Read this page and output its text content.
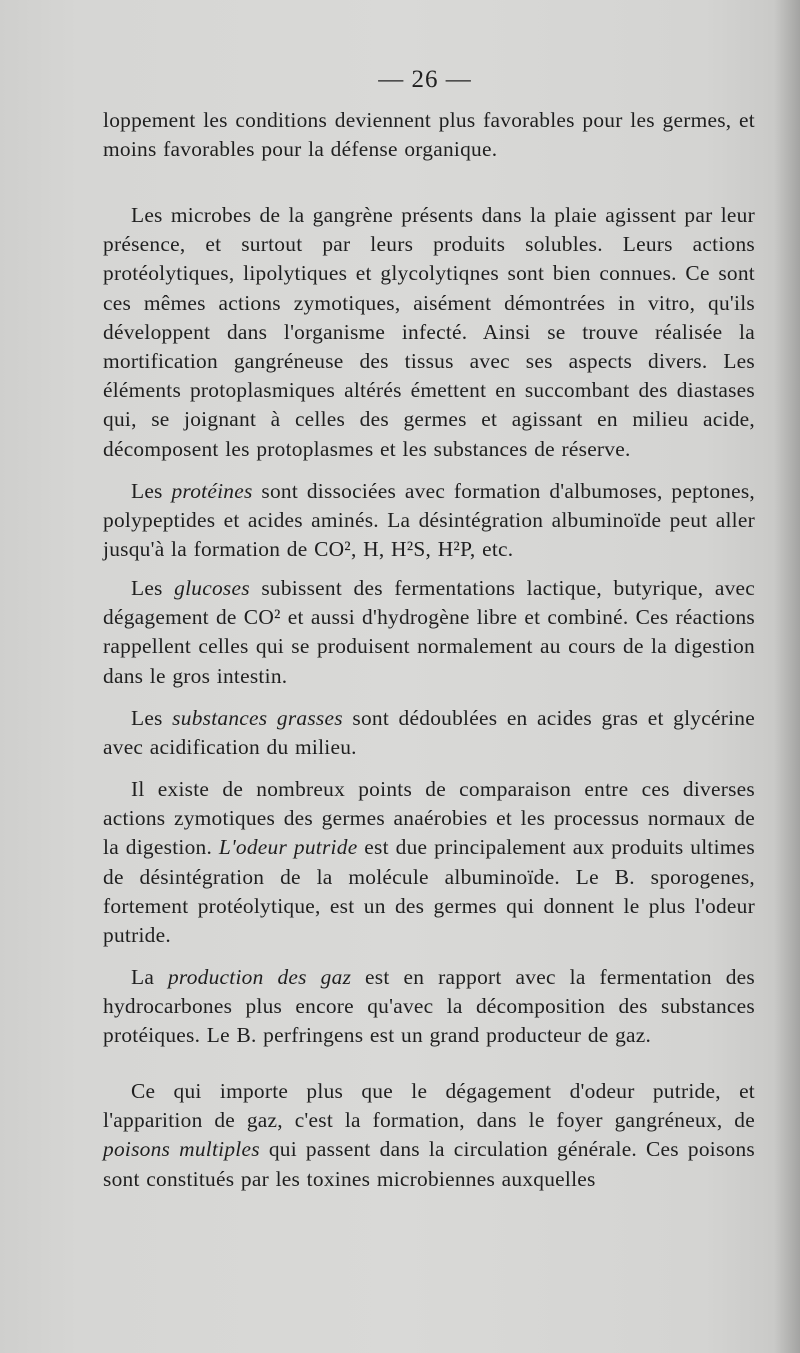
— 26 —

loppement les conditions deviennent plus favorables pour les germes, et moins favorables pour la défense organique.

Les microbes de la gangrène présents dans la plaie agissent par leur présence, et surtout par leurs produits solubles. Leurs actions protéolytiques, lipolytiques et glycolytiqnes sont bien connues. Ce sont ces mêmes actions zymotiques, aisément démontrées in vitro, qu'ils développent dans l'organisme infecté. Ainsi se trouve réalisée la mortification gangréneuse des tissus avec ses aspects divers. Les éléments protoplasmiques altérés émettent en succombant des diastases qui, se joignant à celles des germes et agissant en milieu acide, décomposent les protoplasmes et les substances de réserve.

Les protéines sont dissociées avec formation d'albumoses, peptones, polypeptides et acides aminés. La désintégration albuminoïde peut aller jusqu'à la formation de CO², H, H²S, H²P, etc.

Les glucoses subissent des fermentations lactique, butyrique, avec dégagement de CO² et aussi d'hydrogène libre et combiné. Ces réactions rappellent celles qui se produisent normalement au cours de la digestion dans le gros intestin.

Les substances grasses sont dédoublées en acides gras et glycérine avec acidification du milieu.

Il existe de nombreux points de comparaison entre ces diverses actions zymotiques des germes anaérobies et les processus normaux de la digestion. L'odeur putride est due principalement aux produits ultimes de désintégration de la molécule albuminoïde. Le B. sporogenes, fortement protéolytique, est un des germes qui donnent le plus l'odeur putride.

La production des gaz est en rapport avec la fermentation des hydrocarbones plus encore qu'avec la décomposition des substances protéiques. Le B. perfringens est un grand producteur de gaz.

Ce qui importe plus que le dégagement d'odeur putride, et l'apparition de gaz, c'est la formation, dans le foyer gangréneux, de poisons multiples qui passent dans la circulation générale. Ces poisons sont constitués par les toxines microbiennes auxquelles
